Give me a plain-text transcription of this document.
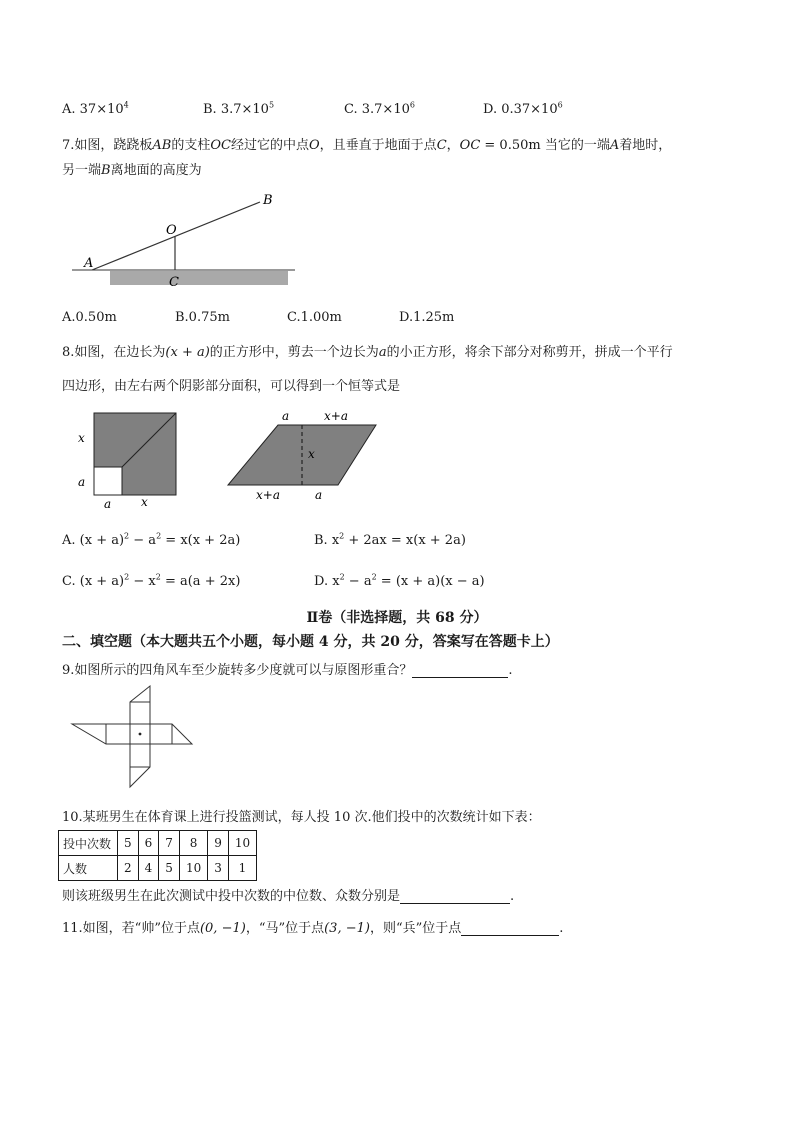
A. $37\times 10^4$	B. $3.7\times 10^5$	C. $3.7\times 10^6$	D. $0.37\times 10^6$
7.如图，跷跷板AB的支柱OC经过它的中点O，且垂直于地面于点C，OC = 0.50m 当它的一端A着地时，
另一端B离地面的高度为
A
B
O
C
A.0.50m	B.0.75m	C.1.00m	D.1.25m
8.如图，在边长为(x + a)的正方形中，剪去一个边长为a的小正方形，将余下部分对称剪开，拼成一个平行
四边形，由左右两个阴影部分面积，可以得到一个恒等式是
x
a
a x
a	x+a
x
x+a	a
A. $(x + a)^2 - a^2 = x(x + 2a)$	B. $x^2 + 2ax = x(x + 2a)$
C. $(x + a)^2 - x^2 = a(a + 2x)$	D. $x^2 - a^2 = (x + a)(x - a)$
Ⅱ卷（非选择题，共 68 分）
二、填空题（本大题共五个小题，每小题 4 分，共 20 分，答案写在答题卡上）
9.如图所示的四角风车至少旋转多少度就可以与原图形重合？	.
10.某班男生在体育课上进行投篮测试，每人投 10 次.他们投中的次数统计如下表：
投中次数	5	6	7	8	9	10
人数	2	4	5	10	3	1
则该班级男生在此次测试中投中次数的中位数、众数分别是	.
11.如图，若“帅”位于点(0, −1)，“马”位于点(3, −1)，则“兵”位于点	.
